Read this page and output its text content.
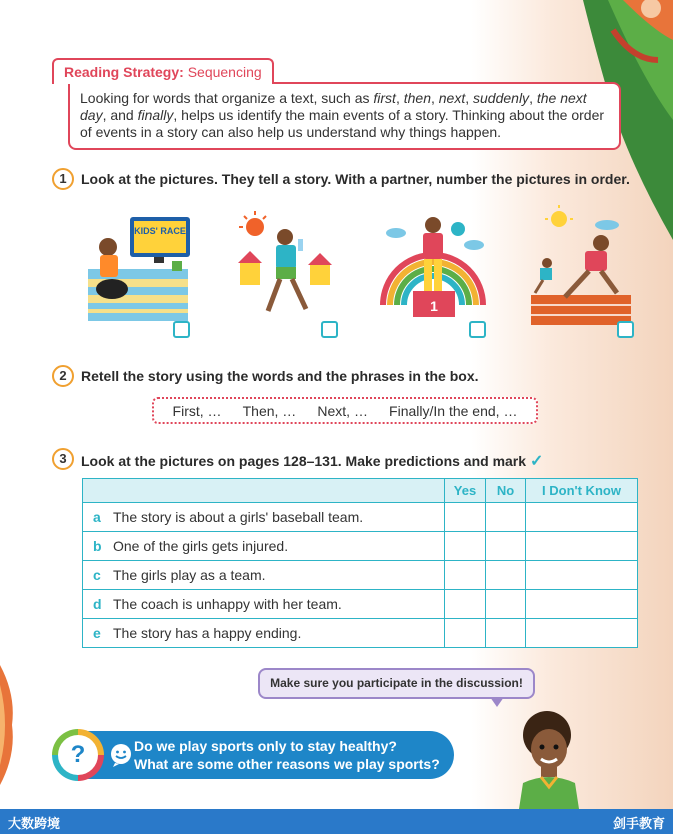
Reading Strategy: Sequencing
Looking for words that organize a text, such as first, then, next, suddenly, the next day, and finally, helps us identify the main events of a story. Thinking about the order of events in a story can also help us understand why things happen.
1	Look at the pictures. They tell a story. With a partner, number the pictures in order.
KIDS' RACE
1
2	Retell the story using the words and the phrases in the box.
First, … Then, … Next, … Finally/In the end, …
3	Look at the pictures on pages 128–131. Make predictions and mark ✓
	Yes	No	I Don't Know
a The story is about a girls' baseball team.			
b One of the girls gets injured.			
c The girls play as a team.			
d The coach is unhappy with her team.			
e The story has a happy ending.			
Make sure you participate in the discussion!
?	Do we play sports only to stay healthy?
What are some other reasons we play sports?
大数跨境	剑手教育
